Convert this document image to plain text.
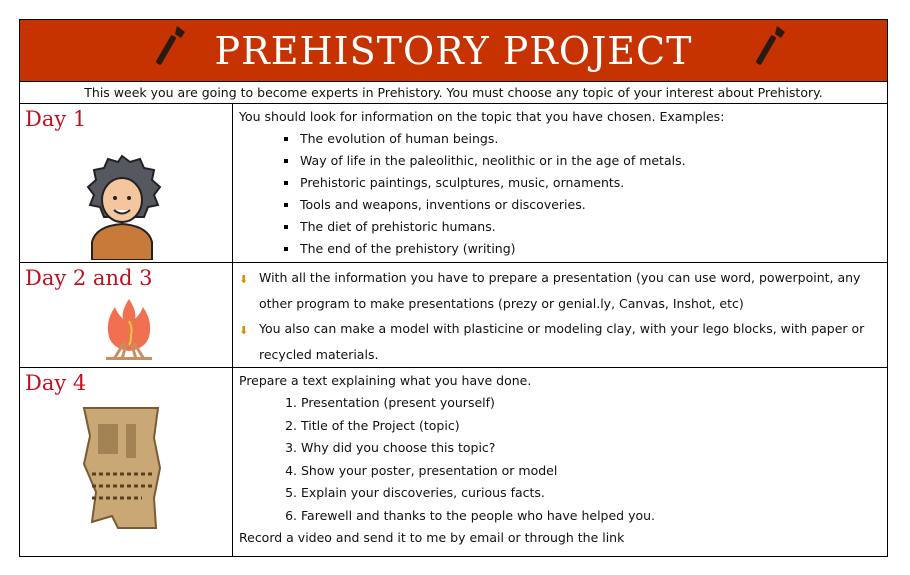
PREHISTORY PROJECT
This week you are going to become experts in Prehistory. You must choose any topic of your interest about Prehistory.
Day 1	You should look for information on the topic that you have chosen. Examples:

The evolution of human beings.
Way of life in the paleolithic, neolithic or in the age of metals.
Prehistoric paintings, sculptures, music, ornaments.
Tools and weapons, inventions or discoveries.
The diet of prehistoric humans.
The end of the prehistory (writing)
Day 2 and 3	⬇ With all the information you have to prepare a presentation (you can use word, powerpoint, any other program to make presentations (prezy or genial.ly, Canvas, Inshot, etc)
⬇ You also can make a model with plasticine or modeling clay, with your lego blocks, with paper or recycled materials.
Day 4	Prepare a text explaining what you have done.

1. Presentation (present yourself)
2. Title of the Project (topic)
3. Why did you choose this topic?
4. Show your poster, presentation or model
5. Explain your discoveries, curious facts.
6. Farewell and thanks to the people who have helped you.

Record a video and send it to me by email or through the link
